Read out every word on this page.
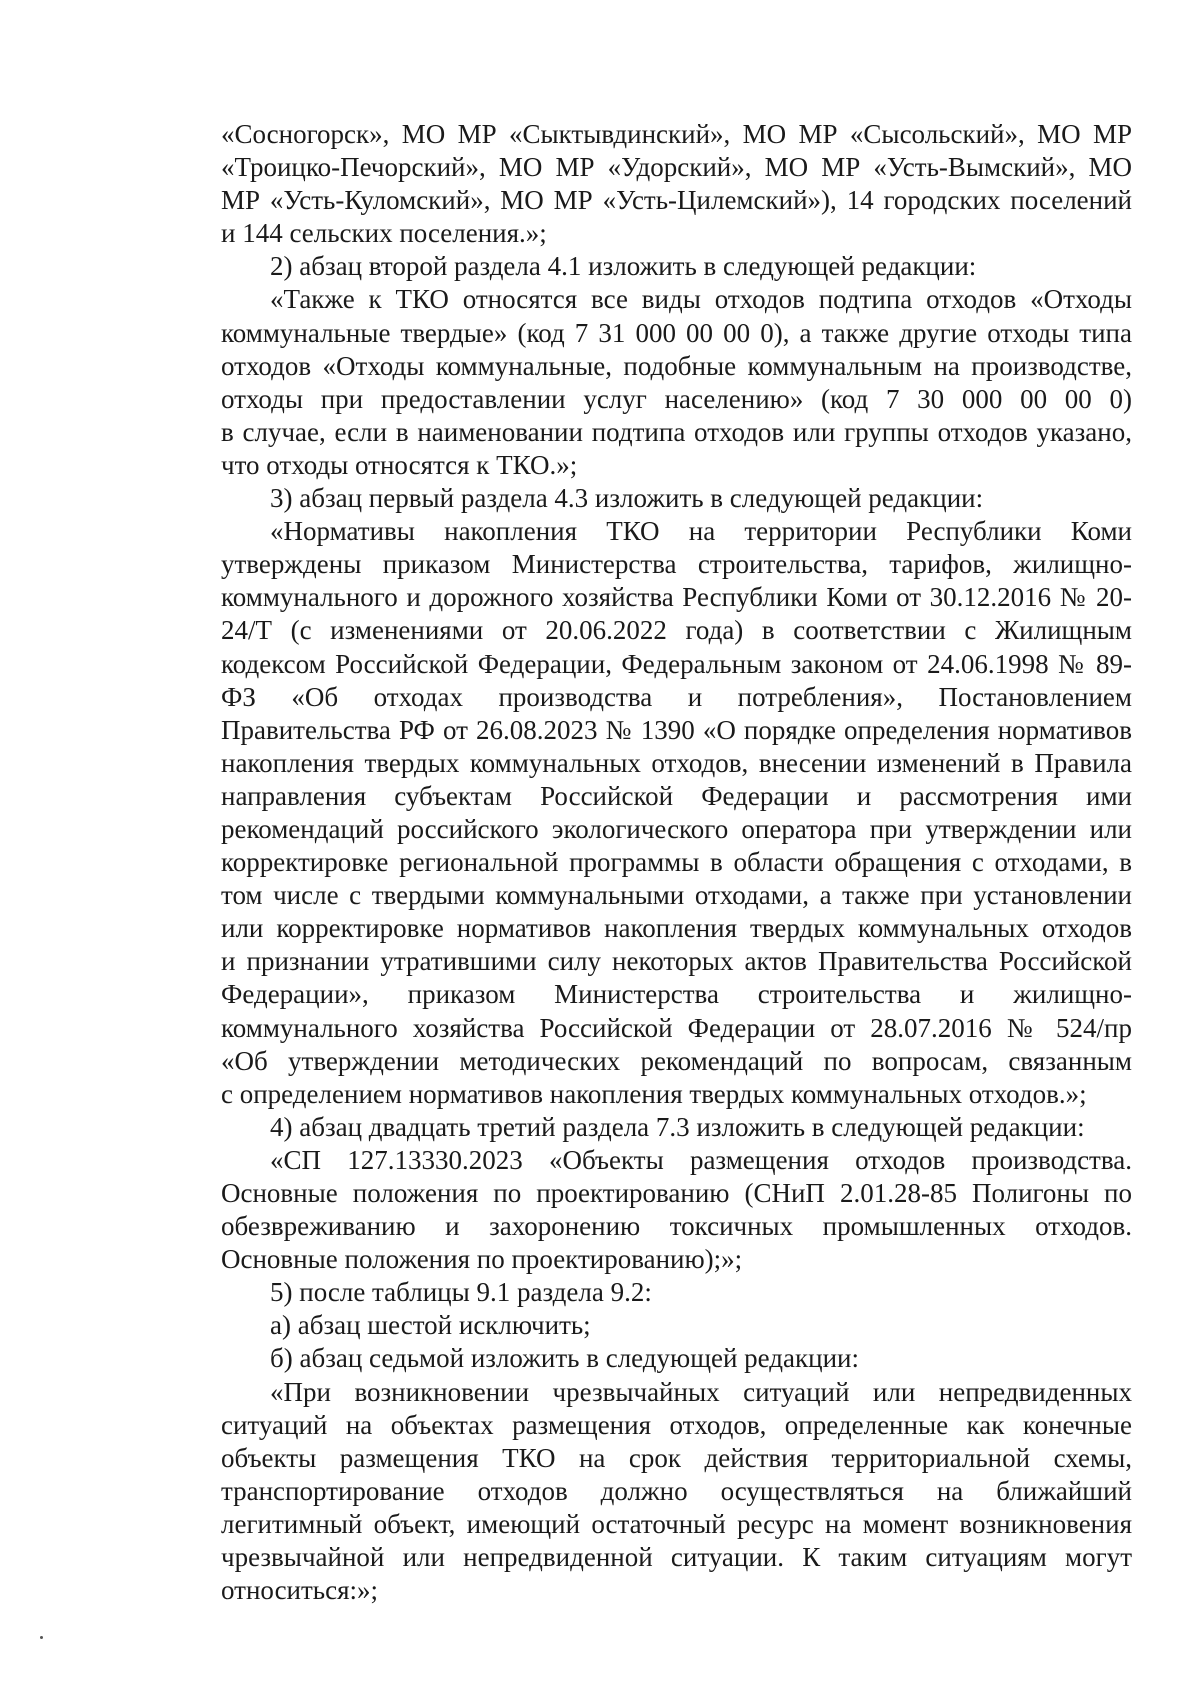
«Сосногорск», МО МР «Сыктывдинский», МО МР «Сысольский», МО МР
«Троицко-Печорский», МО МР «Удорский», МО МР «Усть-Вымский», МО
МР «Усть-Куломский», МО МР «Усть-Цилемский»), 14 городских поселений
и 144 сельских поселения.»;
2) абзац второй раздела 4.1 изложить в следующей редакции:
«Также к ТКО относятся все виды отходов подтипа отходов «Отходы
коммунальные твердые» (код 7 31 000 00 00 0), а также другие отходы типа
отходов «Отходы коммунальные, подобные коммунальным на производстве,
отходы при предоставлении услуг населению» (код 7 30 000 00 00 0)
в случае, если в наименовании подтипа отходов или группы отходов указано,
что отходы относятся к ТКО.»;
3) абзац первый раздела 4.3 изложить в следующей редакции:
«Нормативы накопления ТКО на территории Республики Коми
утверждены приказом Министерства строительства, тарифов, жилищно-
коммунального и дорожного хозяйства Республики Коми от 30.12.2016 № 20-
24/Т (с изменениями от 20.06.2022 года) в соответствии с Жилищным
кодексом Российской Федерации, Федеральным законом от 24.06.1998 № 89-
ФЗ «Об отходах производства и потребления», Постановлением
Правительства РФ от 26.08.2023 № 1390 «О порядке определения нормативов
накопления твердых коммунальных отходов, внесении изменений в Правила
направления субъектам Российской Федерации и рассмотрения ими
рекомендаций российского экологического оператора при утверждении или
корректировке региональной программы в области обращения с отходами, в
том числе с твердыми коммунальными отходами, а также при установлении
или корректировке нормативов накопления твердых коммунальных отходов
и признании утратившими силу некоторых актов Правительства Российской
Федерации», приказом Министерства строительства и жилищно-
коммунального хозяйства Российской Федерации от 28.07.2016 № 524/пр
«Об утверждении методических рекомендаций по вопросам, связанным
с определением нормативов накопления твердых коммунальных отходов.»;
4) абзац двадцать третий раздела 7.3 изложить в следующей редакции:
«СП 127.13330.2023 «Объекты размещения отходов производства.
Основные положения по проектированию (СНиП 2.01.28-85 Полигоны по
обезвреживанию и захоронению токсичных промышленных отходов.
Основные положения по проектированию);»;
5) после таблицы 9.1 раздела 9.2:
а) абзац шестой исключить;
б) абзац седьмой изложить в следующей редакции:
«При возникновении чрезвычайных ситуаций или непредвиденных
ситуаций на объектах размещения отходов, определенные как конечные
объекты размещения ТКО на срок действия территориальной схемы,
транспортирование отходов должно осуществляться на ближайший
легитимный объект, имеющий остаточный ресурс на момент возникновения
чрезвычайной или непредвиденной ситуации. К таким ситуациям могут
относиться:»;
